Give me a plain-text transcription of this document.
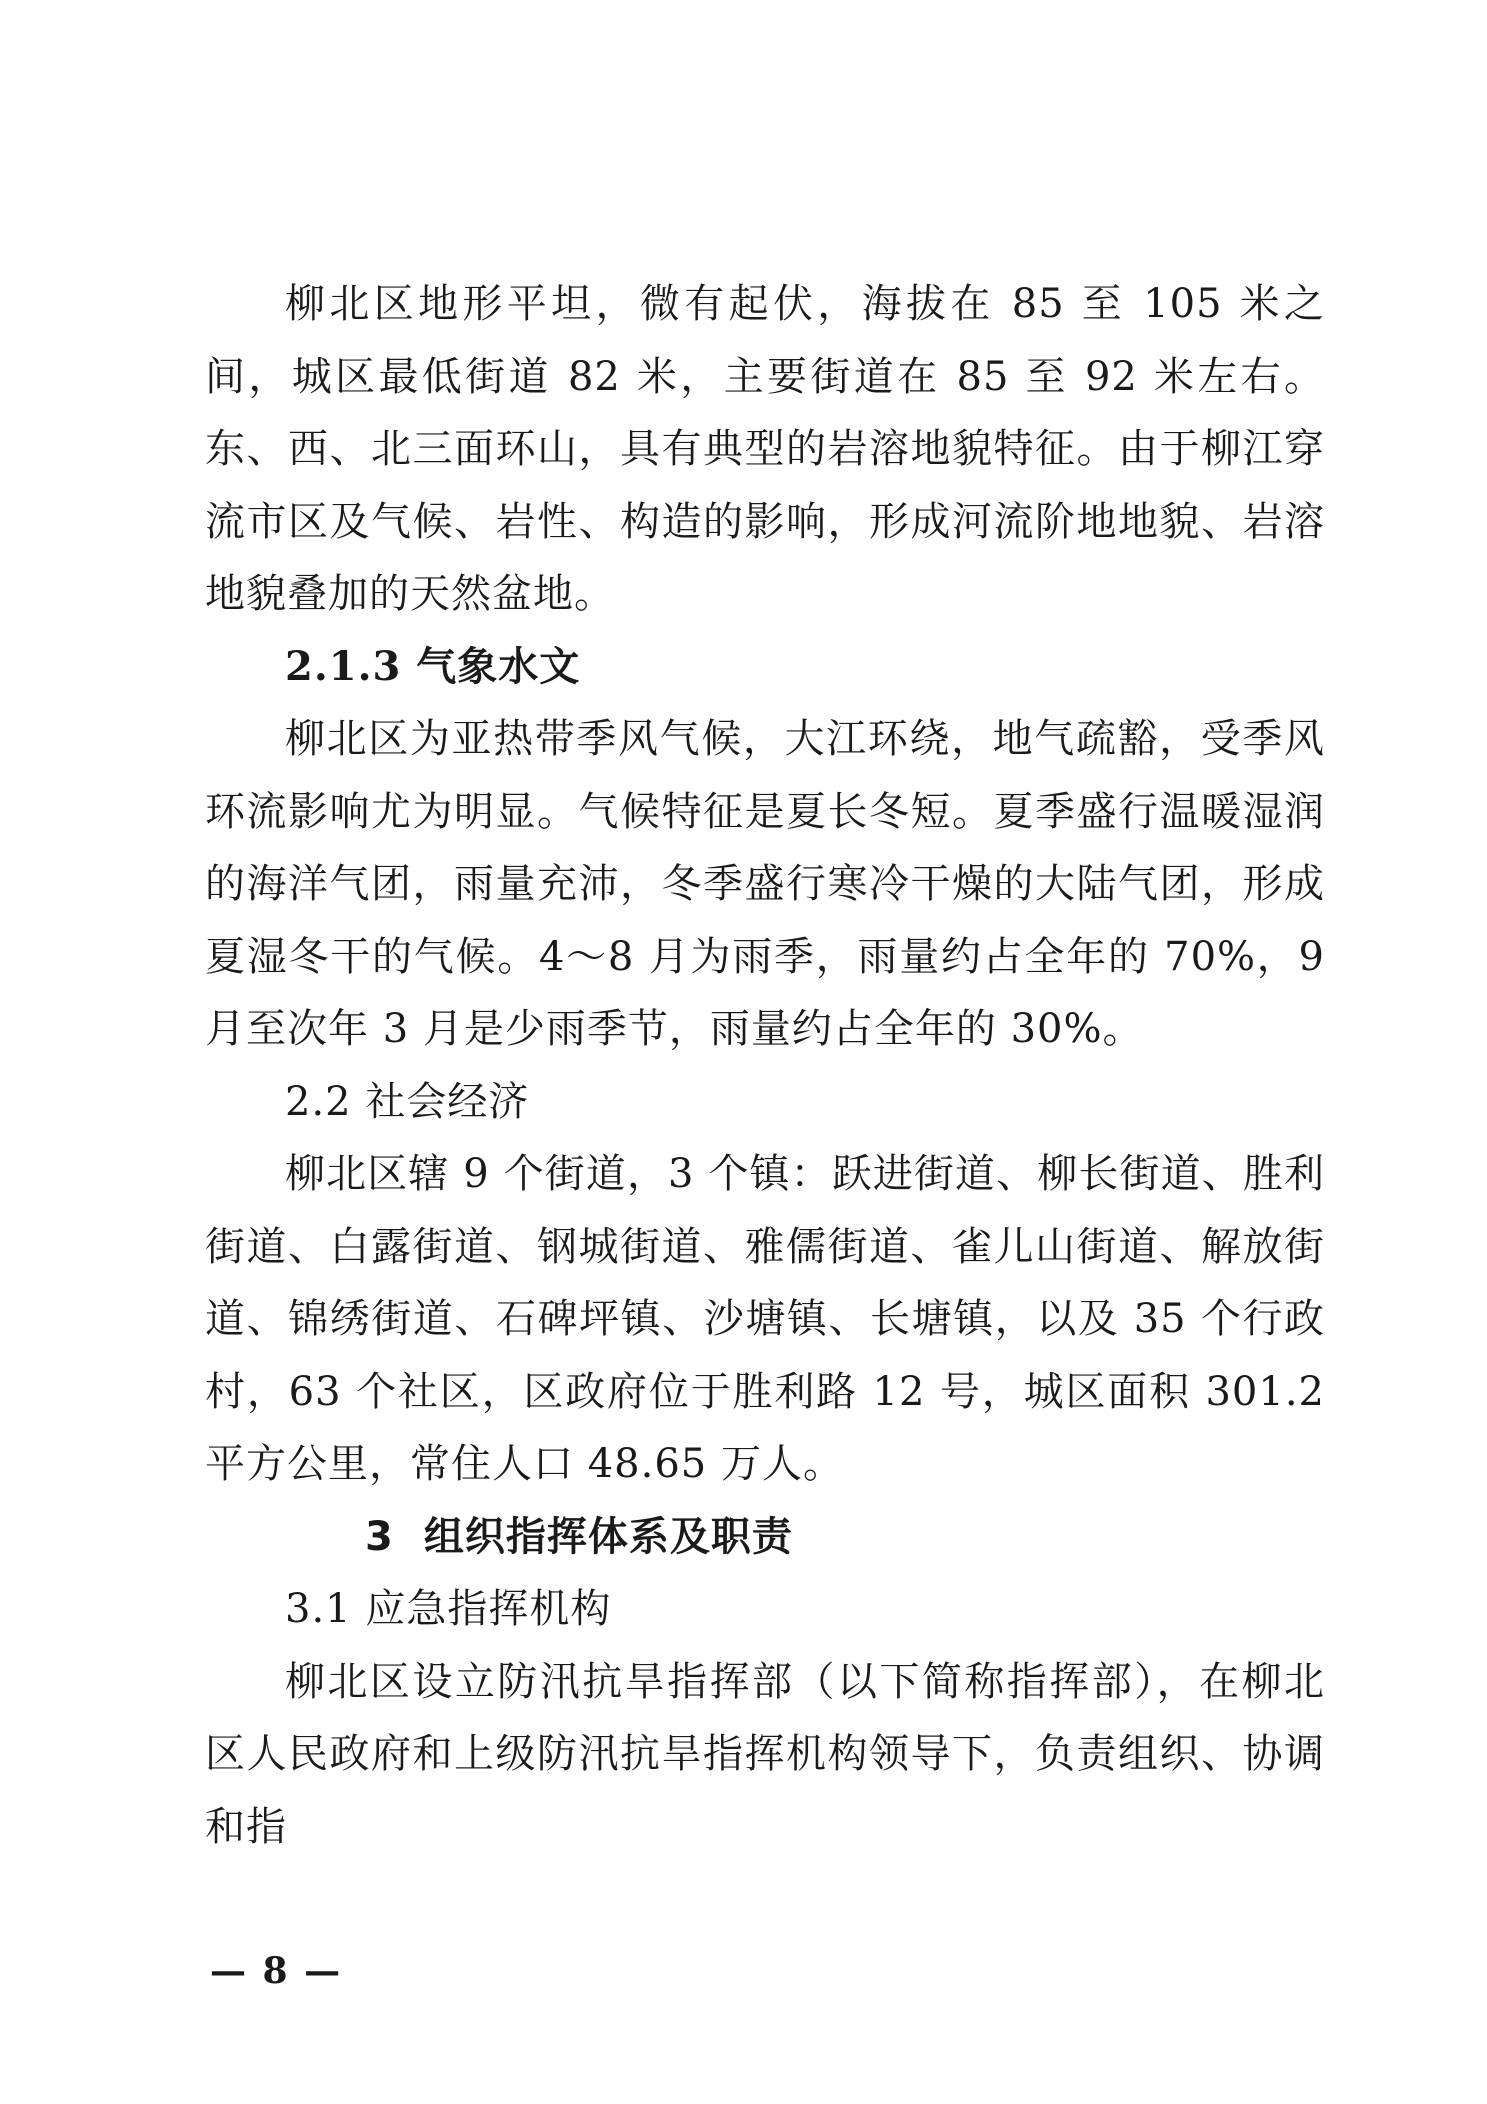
柳北区地形平坦，微有起伏，海拔在 85 至 105 米之间，城区最低街道 82 米，主要街道在 85 至 92 米左右。东、西、北三面环山，具有典型的岩溶地貌特征。由于柳江穿流市区及气候、岩性、构造的影响，形成河流阶地地貌、岩溶地貌叠加的天然盆地。

2.1.3 气象水文

柳北区为亚热带季风气候，大江环绕，地气疏豁，受季风环流影响尤为明显。气候特征是夏长冬短。夏季盛行温暖湿润的海洋气团，雨量充沛，冬季盛行寒冷干燥的大陆气团，形成夏湿冬干的气候。4～8 月为雨季，雨量约占全年的 70%，9 月至次年 3 月是少雨季节，雨量约占全年的 30%。

2.2 社会经济

柳北区辖 9 个街道，3 个镇：跃进街道、柳长街道、胜利街道、白露街道、钢城街道、雅儒街道、雀儿山街道、解放街道、锦绣街道、石碑坪镇、沙塘镇、长塘镇，以及 35 个行政村，63 个社区，区政府位于胜利路 12 号，城区面积 301.2 平方公里，常住人口 48.65 万人。

3 组织指挥体系及职责

3.1 应急指挥机构

柳北区设立防汛抗旱指挥部（以下简称指挥部），在柳北区人民政府和上级防汛抗旱指挥机构领导下，负责组织、协调和指

— 8 —
